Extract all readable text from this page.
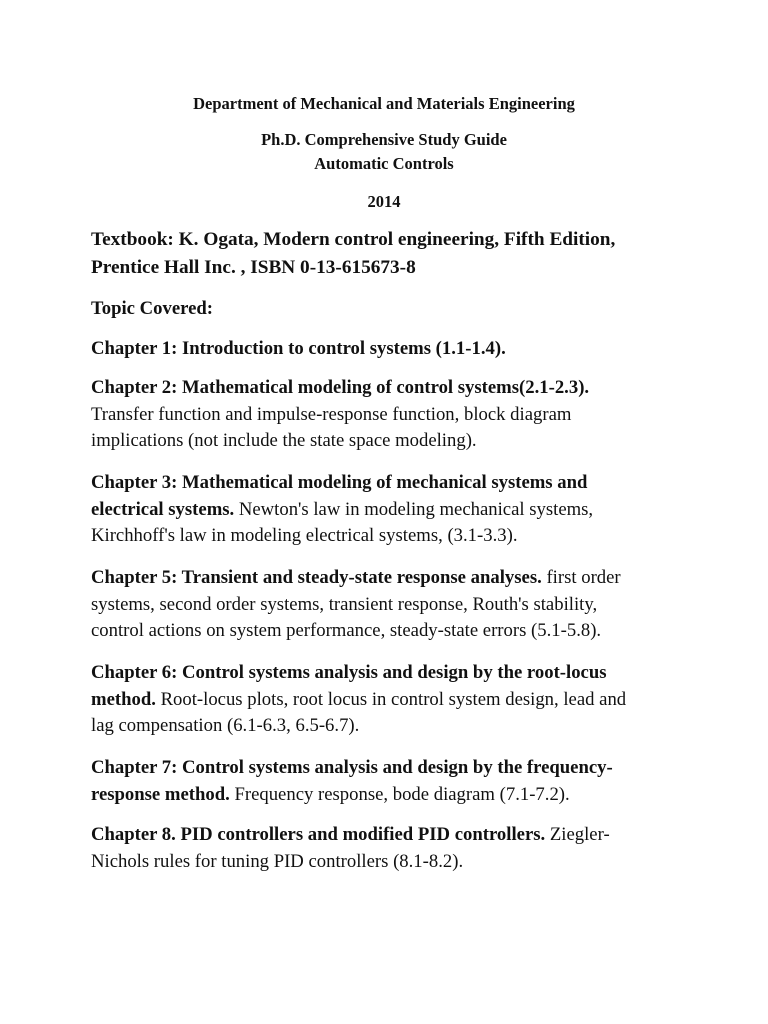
Department of Mechanical and Materials Engineering
Ph.D. Comprehensive Study Guide
Automatic Controls
2014
Textbook: K. Ogata, Modern control engineering, Fifth Edition,
Prentice Hall Inc. , ISBN 0-13-615673-8
Topic Covered:
Chapter 1: Introduction to control systems (1.1-1.4).
Chapter 2: Mathematical modeling of control systems(2.1-2.3).
Transfer function and impulse-response function, block diagram
implications (not include the state space modeling).
Chapter 3: Mathematical modeling of mechanical systems and
electrical systems. Newton's law in modeling mechanical systems,
Kirchhoff's law in modeling electrical systems, (3.1-3.3).
Chapter 5: Transient and steady-state response analyses. first order
systems, second order systems, transient response, Routh's stability,
control actions on system performance, steady-state errors (5.1-5.8).
Chapter 6: Control systems analysis and design by the root-locus
method. Root-locus plots, root locus in control system design, lead and
lag compensation (6.1-6.3, 6.5-6.7).
Chapter 7: Control systems analysis and design by the frequency-
response method. Frequency response, bode diagram (7.1-7.2).
Chapter 8. PID controllers and modified PID controllers. Ziegler-
Nichols rules for tuning PID controllers (8.1-8.2).
